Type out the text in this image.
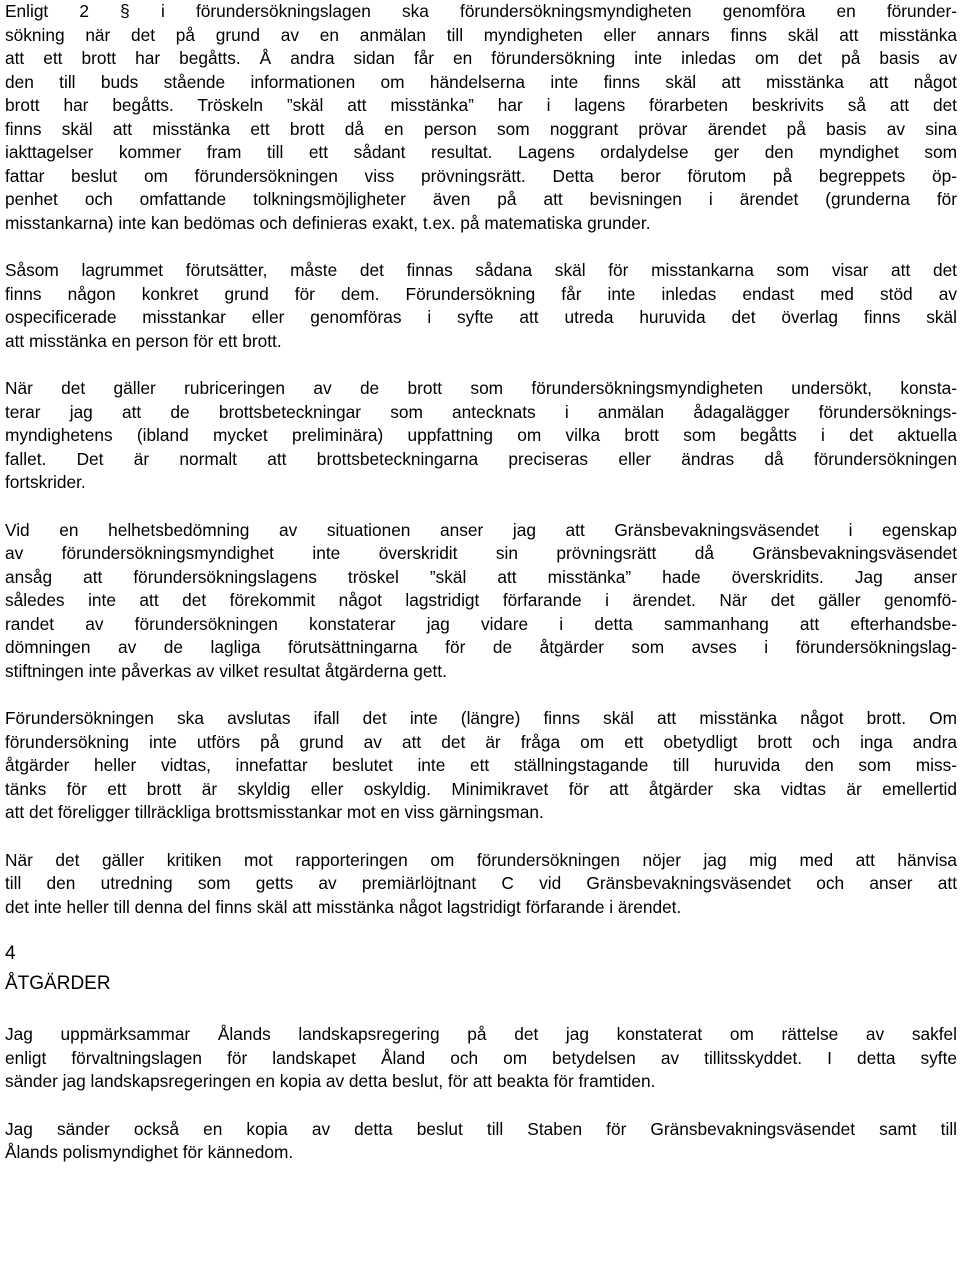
Enligt 2 § i förundersökningslagen ska förundersökningsmyndigheten genomföra en förunder-
sökning när det på grund av en anmälan till myndigheten eller annars finns skäl att misstänka
att ett brott har begåtts. Å andra sidan får en förundersökning inte inledas om det på basis av
den till buds stående informationen om händelserna inte finns skäl att misstänka att något
brott har begåtts. Tröskeln ”skäl att misstänka” har i lagens förarbeten beskrivits så att det
finns skäl att misstänka ett brott då en person som noggrant prövar ärendet på basis av sina
iakttagelser kommer fram till ett sådant resultat. Lagens ordalydelse ger den myndighet som
fattar beslut om förundersökningen viss prövningsrätt. Detta beror förutom på begreppets öp-
penhet och omfattande tolkningsmöjligheter även på att bevisningen i ärendet (grunderna för
misstankarna) inte kan bedömas och definieras exakt, t.ex. på matematiska grunder.
Såsom lagrummet förutsätter, måste det finnas sådana skäl för misstankarna som visar att det
finns någon konkret grund för dem. Förundersökning får inte inledas endast med stöd av
ospecificerade misstankar eller genomföras i syfte att utreda huruvida det överlag finns skäl
att misstänka en person för ett brott.
När det gäller rubriceringen av de brott som förundersökningsmyndigheten undersökt, konsta-
terar jag att de brottsbeteckningar som antecknats i anmälan ådagalägger förundersöknings-
myndighetens (ibland mycket preliminära) uppfattning om vilka brott som begåtts i det aktuella
fallet. Det är normalt att brottsbeteckningarna preciseras eller ändras då förundersökningen
fortskrider.
Vid en helhetsbedömning av situationen anser jag att Gränsbevakningsväsendet i egenskap
av förundersökningsmyndighet inte överskridit sin prövningsrätt då Gränsbevakningsväsendet
ansåg att förundersökningslagens tröskel ”skäl att misstänka” hade överskridits. Jag anser
således inte att det förekommit något lagstridigt förfarande i ärendet. När det gäller genomfö-
randet av förundersökningen konstaterar jag vidare i detta sammanhang att efterhandsbe-
dömningen av de lagliga förutsättningarna för de åtgärder som avses i förundersökningslag-
stiftningen inte påverkas av vilket resultat åtgärderna gett.
Förundersökningen ska avslutas ifall det inte (längre) finns skäl att misstänka något brott. Om
förundersökning inte utförs på grund av att det är fråga om ett obetydligt brott och inga andra
åtgärder heller vidtas, innefattar beslutet inte ett ställningstagande till huruvida den som miss-
tänks för ett brott är skyldig eller oskyldig. Minimikravet för att åtgärder ska vidtas är emellertid
att det föreligger tillräckliga brottsmisstankar mot en viss gärningsman.
När det gäller kritiken mot rapporteringen om förundersökningen nöjer jag mig med att hänvisa
till den utredning som getts av premiärlöjtnant C vid Gränsbevakningsväsendet och anser att
det inte heller till denna del finns skäl att misstänka något lagstridigt förfarande i ärendet.
4
ÅTGÄRDER
Jag uppmärksammar Ålands landskapsregering på det jag konstaterat om rättelse av sakfel
enligt förvaltningslagen för landskapet Åland och om betydelsen av tillitsskyddet. I detta syfte
sänder jag landskapsregeringen en kopia av detta beslut, för att beakta för framtiden.
Jag sänder också en kopia av detta beslut till Staben för Gränsbevakningsväsendet samt till
Ålands polismyndighet för kännedom.
